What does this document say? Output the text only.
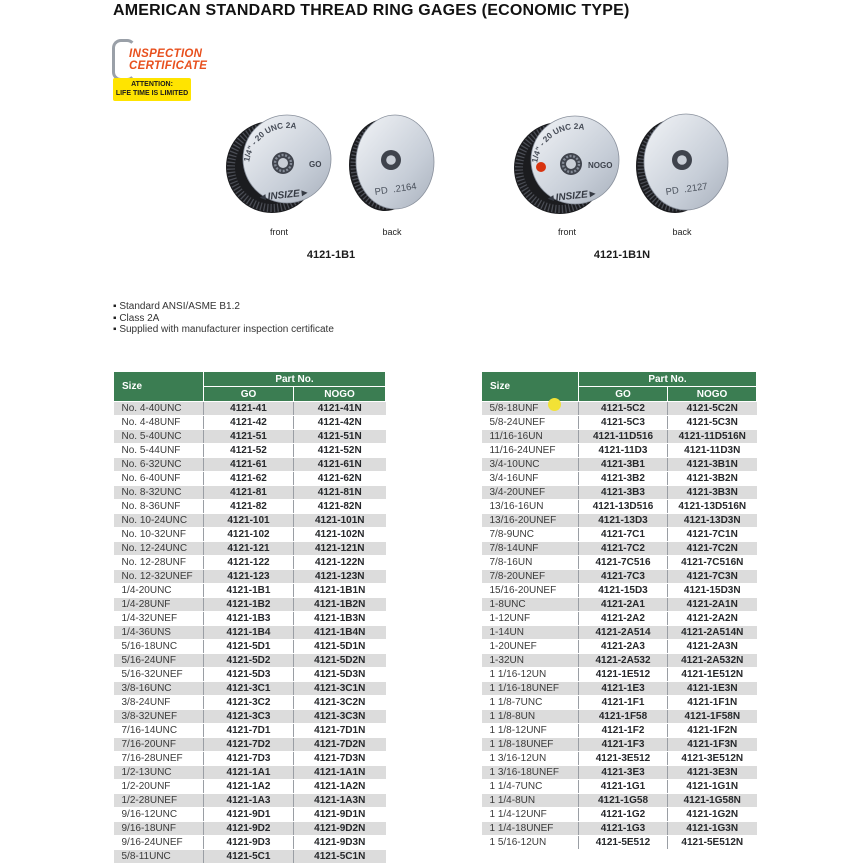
AMERICAN STANDARD THREAD RING GAGES (ECONOMIC TYPE)
INSPECTION
CERTIFICATE
ATTENTION:
LIFE TIME IS LIMITED
1/4" - 20 UNC 2A
GO
◄INSIZE►	PD  .2164
front	back
4121-1B1
1/4" - 20 UNC 2A
NOGO
◄INSIZE►	PD  .2127
front	back
4121-1B1N
▪ Standard ANSI/ASME B1.2
▪ Class 2A
▪ Supplied with manufacturer inspection certificate
Size	Part No.	
	GO	NOGO
No. 4-40UNC	4121-41	4121-41N
No. 4-48UNF	4121-42	4121-42N
No. 5-40UNC	4121-51	4121-51N
No. 5-44UNF	4121-52	4121-52N
No. 6-32UNC	4121-61	4121-61N
No. 6-40UNF	4121-62	4121-62N
No. 8-32UNC	4121-81	4121-81N
No. 8-36UNF	4121-82	4121-82N
No. 10-24UNC	4121-101	4121-101N
No. 10-32UNF	4121-102	4121-102N
No. 12-24UNC	4121-121	4121-121N
No. 12-28UNF	4121-122	4121-122N
No. 12-32UNEF	4121-123	4121-123N
1/4-20UNC	4121-1B1	4121-1B1N
1/4-28UNF	4121-1B2	4121-1B2N
1/4-32UNEF	4121-1B3	4121-1B3N
1/4-36UNS	4121-1B4	4121-1B4N
5/16-18UNC	4121-5D1	4121-5D1N
5/16-24UNF	4121-5D2	4121-5D2N
5/16-32UNEF	4121-5D3	4121-5D3N
3/8-16UNC	4121-3C1	4121-3C1N
3/8-24UNF	4121-3C2	4121-3C2N
3/8-32UNEF	4121-3C3	4121-3C3N
7/16-14UNC	4121-7D1	4121-7D1N
7/16-20UNF	4121-7D2	4121-7D2N
7/16-28UNEF	4121-7D3	4121-7D3N
1/2-13UNC	4121-1A1	4121-1A1N
1/2-20UNF	4121-1A2	4121-1A2N
1/2-28UNEF	4121-1A3	4121-1A3N
9/16-12UNC	4121-9D1	4121-9D1N
9/16-18UNF	4121-9D2	4121-9D2N
9/16-24UNEF	4121-9D3	4121-9D3N
5/8-11UNC	4121-5C1	4121-5C1N
Size	Part No.	
	GO	NOGO
5/8-18UNF	4121-5C2	4121-5C2N
5/8-24UNEF	4121-5C3	4121-5C3N
11/16-16UN	4121-11D516	4121-11D516N
11/16-24UNEF	4121-11D3	4121-11D3N
3/4-10UNC	4121-3B1	4121-3B1N
3/4-16UNF	4121-3B2	4121-3B2N
3/4-20UNEF	4121-3B3	4121-3B3N
13/16-16UN	4121-13D516	4121-13D516N
13/16-20UNEF	4121-13D3	4121-13D3N
7/8-9UNC	4121-7C1	4121-7C1N
7/8-14UNF	4121-7C2	4121-7C2N
7/8-16UN	4121-7C516	4121-7C516N
7/8-20UNEF	4121-7C3	4121-7C3N
15/16-20UNEF	4121-15D3	4121-15D3N
1-8UNC	4121-2A1	4121-2A1N
1-12UNF	4121-2A2	4121-2A2N
1-14UN	4121-2A514	4121-2A514N
1-20UNEF	4121-2A3	4121-2A3N
1-32UN	4121-2A532	4121-2A532N
1 1/16-12UN	4121-1E512	4121-1E512N
1 1/16-18UNEF	4121-1E3	4121-1E3N
1 1/8-7UNC	4121-1F1	4121-1F1N
1 1/8-8UN	4121-1F58	4121-1F58N
1 1/8-12UNF	4121-1F2	4121-1F2N
1 1/8-18UNEF	4121-1F3	4121-1F3N
1 3/16-12UN	4121-3E512	4121-3E512N
1 3/16-18UNEF	4121-3E3	4121-3E3N
1 1/4-7UNC	4121-1G1	4121-1G1N
1 1/4-8UN	4121-1G58	4121-1G58N
1 1/4-12UNF	4121-1G2	4121-1G2N
1 1/4-18UNEF	4121-1G3	4121-1G3N
1 5/16-12UN	4121-5E512	4121-5E512N
